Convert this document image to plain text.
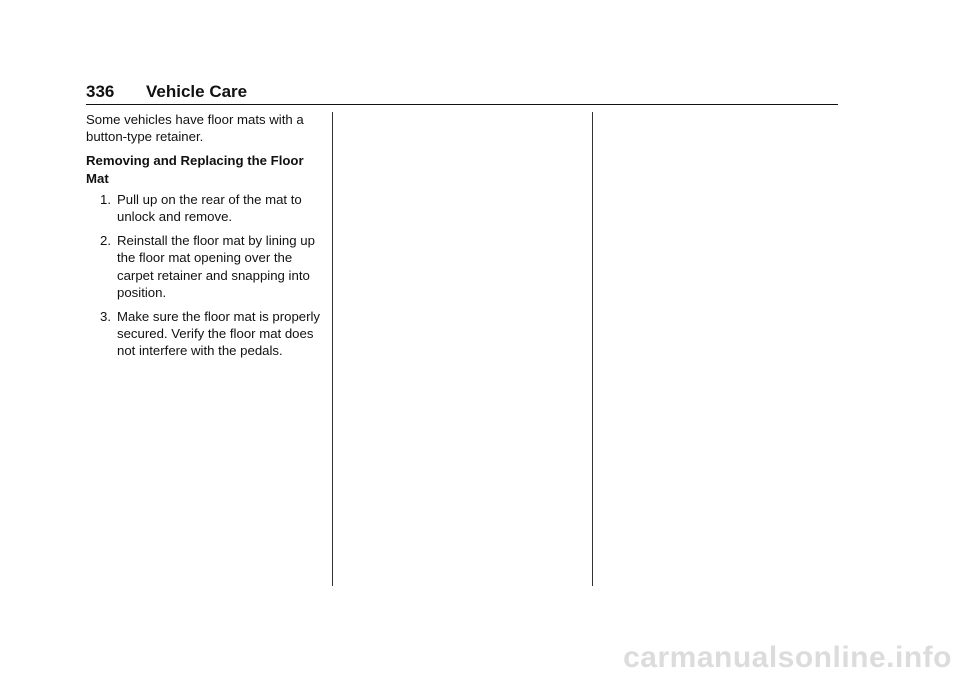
336 Vehicle Care

Some vehicles have floor mats with a button-type retainer.

Removing and Replacing the Floor Mat

1. Pull up on the rear of the mat to unlock and remove.
2. Reinstall the floor mat by lining up the floor mat opening over the carpet retainer and snapping into position.
3. Make sure the floor mat is properly secured. Verify the floor mat does not interfere with the pedals.
carmanualsonline.info
